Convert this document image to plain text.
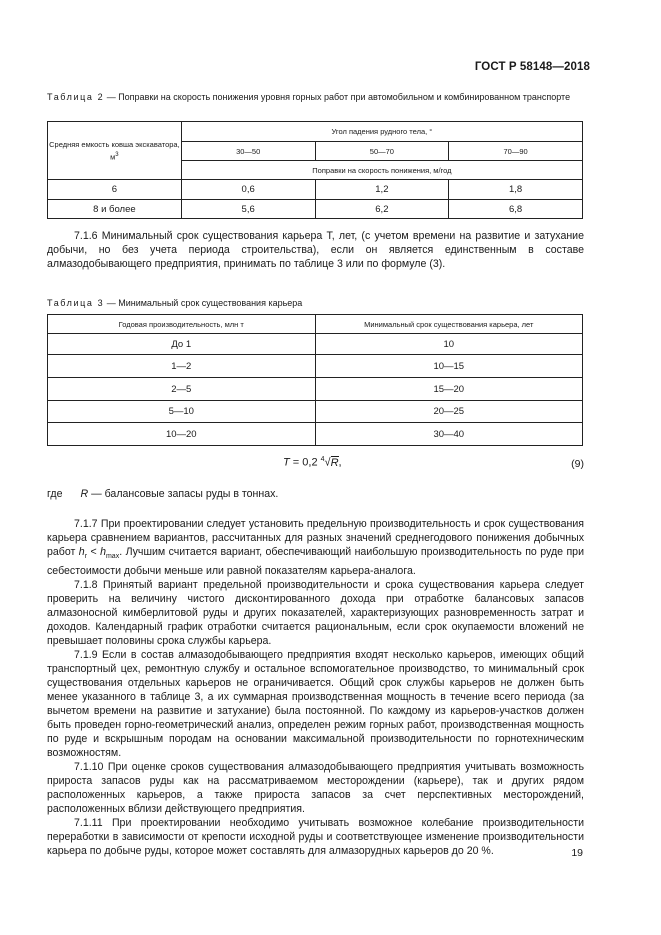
ГОСТ Р 58148—2018
Таблица 2 — Поправки на скорость понижения уровня горных работ при автомобильном и комбинированном транспорте
Средняя емкость ковша экскаватора, $м^3$	Угол падения рудного тела, °		
	30—50	50—70	70—90
	Поправки на скорость понижения, м/год		
6	0,6	1,2	1,8
8 и более	5,6	6,2	6,8

7.1.6 Минимальный срок существования карьера T, лет, (с учетом времени на развитие и затухание добычи, но без учета периода строительства), если он является единственным в составе алмазодобывающего предприятия, принимать по таблице 3 или по формуле (3).

Таблица 3 — Минимальный срок существования карьера
Годовая производительность, млн т	Минимальный срок существования карьера, лет
До 1	10
1—2	10—15
2—5	15—20
5—10	20—25
10—20	30—40
T = 0,2 $^4$√R,	(9)
где R — балансовые запасы руды в тоннах.

7.1.7 При проектировании следует установить предельную производительность и срок существования карьера сравнением вариантов, рассчитанных для разных значений среднегодового понижения добычных работ $h_r < h_{max}$. Лучшим считается вариант, обеспечивающий наибольшую производительность по руде при себестоимости добычи меньше или равной показателям карьера-аналога.

7.1.8 Принятый вариант предельной производительности и срока существования карьера следует проверить на величину чистого дисконтированного дохода при отработке балансовых запасов алмазоносной кимберлитовой руды и других показателей, характеризующих разновременность затрат и доходов. Календарный график отработки считается рациональным, если срок окупаемости вложений не превышает половины срока службы карьера.

7.1.9 Если в состав алмазодобывающего предприятия входят несколько карьеров, имеющих общий транспортный цех, ремонтную службу и остальное вспомогательное производство, то минимальный срок существования отдельных карьеров не ограничивается. Общий срок службы карьеров не должен быть менее указанного в таблице 3, а их суммарная производственная мощность в течение всего периода (за вычетом времени на развитие и затухание) была постоянной. По каждому из карьеров-участков должен быть проведен горно-геометрический анализ, определен режим горных работ, производственная мощность по руде и вскрышным породам на основании максимальной производительности по горнотехническим возможностям.

7.1.10 При оценке сроков существования алмазодобывающего предприятия учитывать возможность прироста запасов руды как на рассматриваемом месторождении (карьере), так и других рядом расположенных карьеров, а также прироста запасов за счет перспективных месторождений, расположенных вблизи действующего предприятия.

7.1.11 При проектировании необходимо учитывать возможное колебание производительности переработки в зависимости от крепости исходной руды и соответствующее изменение производительности карьера по добыче руды, которое может составлять для алмазорудных карьеров до 20 %.	19
